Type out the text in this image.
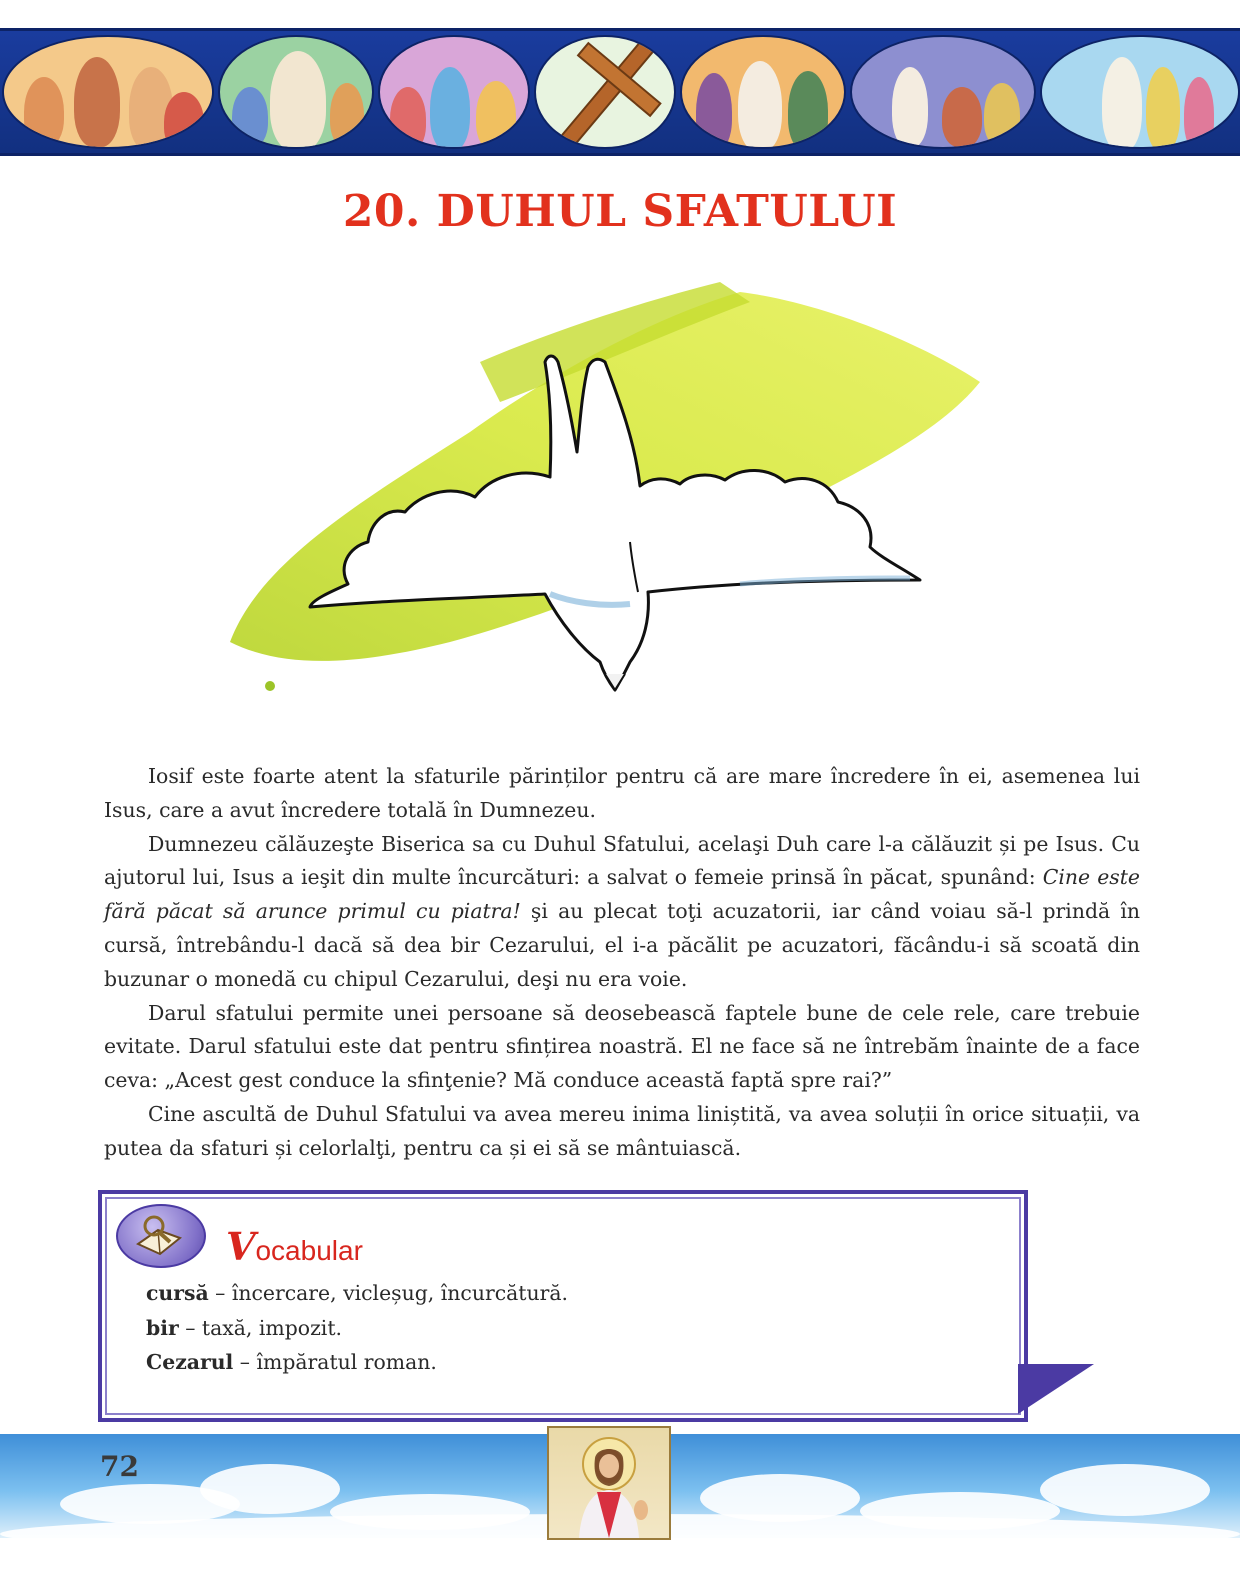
20. DUHUL SFATULUI

Iosif este foarte atent la sfaturile părinților pentru că are mare încredere în ei, asemenea lui Isus, care a avut încredere totală în Dumnezeu.

Dumnezeu călăuzeşte Biserica sa cu Duhul Sfatului, acelaşi Duh care l-a călăuzit și pe Isus. Cu ajutorul lui, Isus a ieşit din multe încurcături: a salvat o femeie prinsă în păcat, spunând: Cine este fără păcat să arunce primul cu piatra! şi au plecat toţi acuzatorii, iar când voiau să-l prindă în cursă, întrebându-l dacă să dea bir Cezarului, el i-a păcălit pe acuzatori, făcându-i să scoată din buzunar o monedă cu chipul Cezarului, deşi nu era voie.

Darul sfatului permite unei persoane să deosebească faptele bune de cele rele, care trebuie evitate. Darul sfatului este dat pentru sfințirea noastră. El ne face să ne întrebăm înainte de a face ceva: „Acest gest conduce la sfinţenie? Mă conduce această faptă spre rai?”

Cine ascultă de Duhul Sfatului va avea mereu inima liniștită, va avea soluții în orice situații, va putea da sfaturi și celorlalţi, pentru ca și ei să se mântuiască.

Vocabular
cursă – încercare, vicleșug, încurcătură.
bir – taxă, impozit.
Cezarul – împăratul roman.
72
